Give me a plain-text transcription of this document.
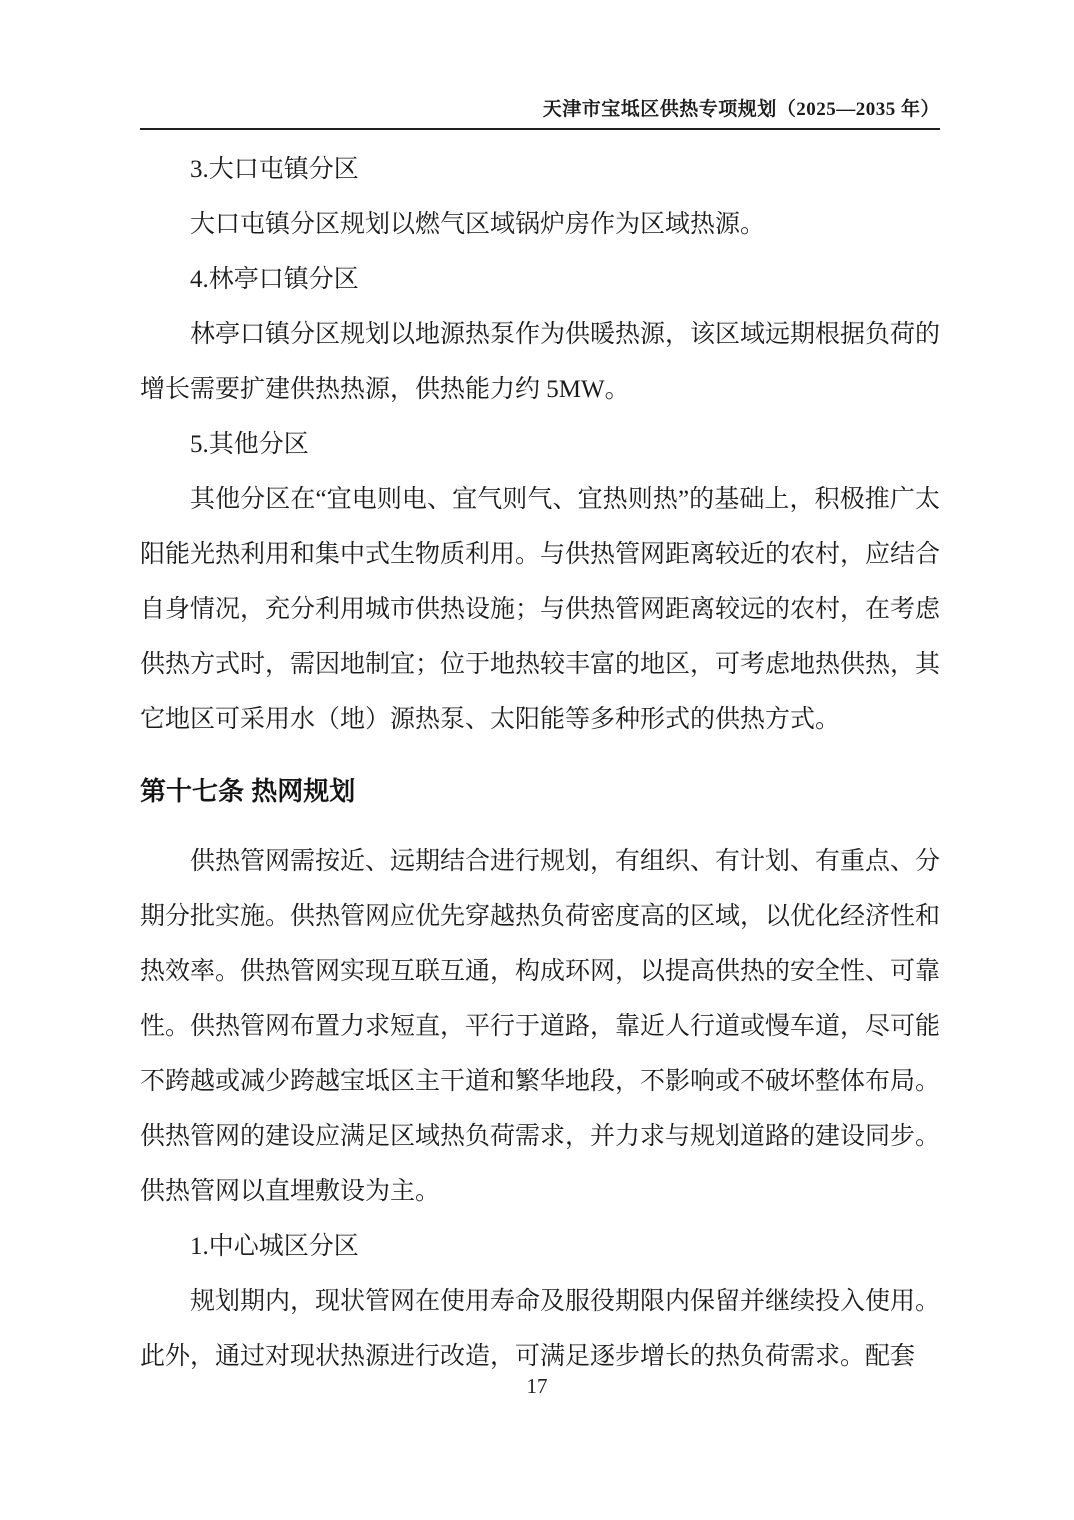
天津市宝坻区供热专项规划（2025—2035 年）

3.大口屯镇分区

大口屯镇分区规划以燃气区域锅炉房作为区域热源。

4.林亭口镇分区

林亭口镇分区规划以地源热泵作为供暖热源，该区域远期根据负荷的增长需要扩建供热热源，供热能力约 5MW。

5.其他分区

其他分区在“宜电则电、宜气则气、宜热则热”的基础上，积极推广太阳能光热利用和集中式生物质利用。与供热管网距离较近的农村，应结合自身情况，充分利用城市供热设施；与供热管网距离较远的农村，在考虑供热方式时，需因地制宜；位于地热较丰富的地区，可考虑地热供热，其它地区可采用水（地）源热泵、太阳能等多种形式的供热方式。

第十七条 热网规划

供热管网需按近、远期结合进行规划，有组织、有计划、有重点、分期分批实施。供热管网应优先穿越热负荷密度高的区域，以优化经济性和热效率。供热管网实现互联互通，构成环网，以提高供热的安全性、可靠性。供热管网布置力求短直，平行于道路，靠近人行道或慢车道，尽可能不跨越或减少跨越宝坻区主干道和繁华地段，不影响或不破坏整体布局。供热管网的建设应满足区域热负荷需求，并力求与规划道路的建设同步。供热管网以直埋敷设为主。

1.中心城区分区

规划期内，现状管网在使用寿命及服役期限内保留并继续投入使用。此外，通过对现状热源进行改造，可满足逐步增长的热负荷需求。配套

17
